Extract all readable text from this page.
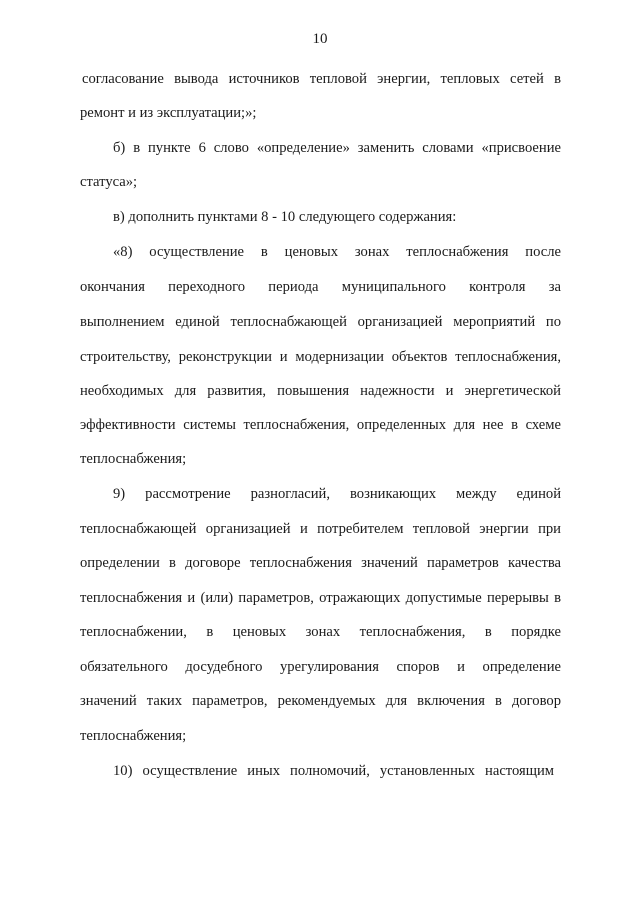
10
согласование вывода источников тепловой энергии, тепловых сетей в
ремонт и из эксплуатации;»;
б) в пункте 6 слово «определение» заменить словами «присвоение
статуса»;
в) дополнить пунктами 8 - 10 следующего содержания:
«8) осуществление в ценовых зонах теплоснабжения после
окончания переходного периода муниципального контроля за
выполнением единой теплоснабжающей организацией мероприятий по
строительству, реконструкции и модернизации объектов теплоснабжения,
необходимых для развития, повышения надежности и энергетической
эффективности системы теплоснабжения, определенных для нее в схеме
теплоснабжения;
9) рассмотрение разногласий, возникающих между единой
теплоснабжающей организацией и потребителем тепловой энергии при
определении в договоре теплоснабжения значений параметров качества
теплоснабжения и (или) параметров, отражающих допустимые перерывы в
теплоснабжении, в ценовых зонах теплоснабжения, в порядке
обязательного досудебного урегулирования споров и определение
значений таких параметров, рекомендуемых для включения в договор
теплоснабжения;
10) осуществление иных полномочий, установленных настоящим
